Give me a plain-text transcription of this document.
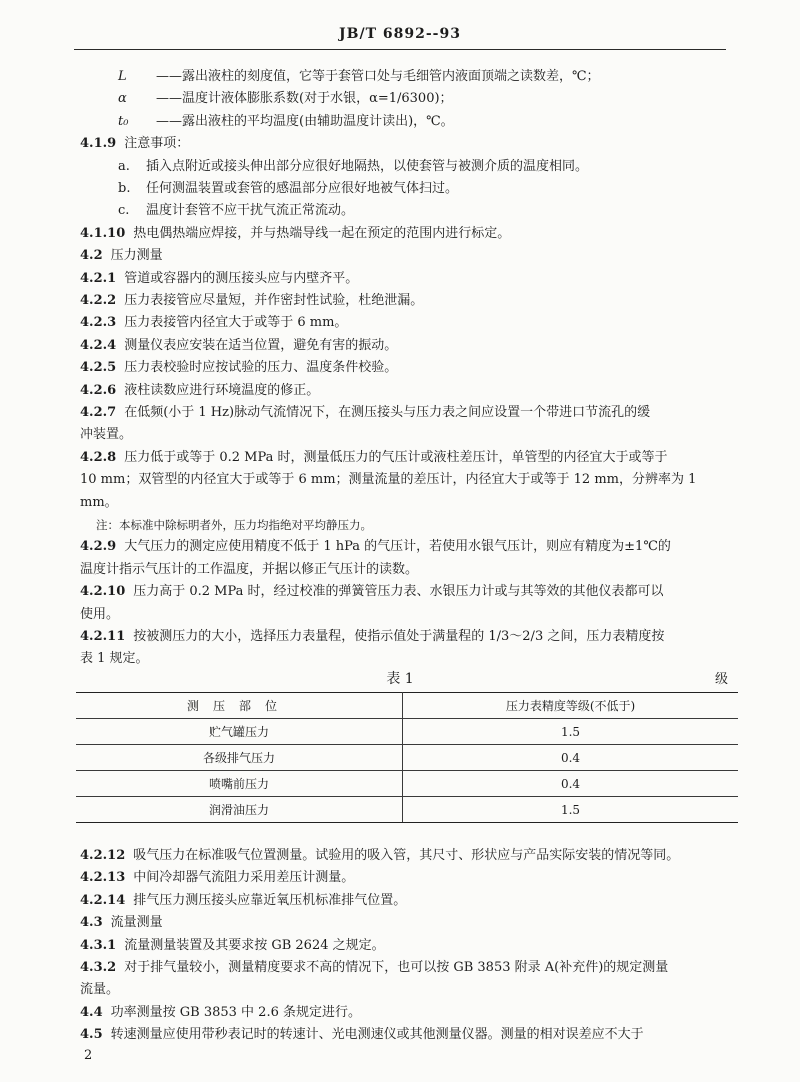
JB/T 6892--93
L ——露出液柱的刻度值，它等于套管口处与毛细管内液面顶端之读数差，℃；
α ——温度计液体膨胀系数(对于水银，α=1/6300)；
t₀ ——露出液柱的平均温度(由辅助温度计读出)，℃。
4.1.9 注意事项：
a. 插入点附近或接头伸出部分应很好地隔热，以使套管与被测介质的温度相同。
b. 任何测温装置或套管的感温部分应很好地被气体扫过。
c. 温度计套管不应干扰气流正常流动。
4.1.10 热电偶热端应焊接，并与热端导线一起在预定的范围内进行标定。
4.2 压力测量
4.2.1 管道或容器内的测压接头应与内壁齐平。
4.2.2 压力表接管应尽量短，并作密封性试验，杜绝泄漏。
4.2.3 压力表接管内径宜大于或等于 6 mm。
4.2.4 测量仪表应安装在适当位置，避免有害的振动。
4.2.5 压力表校验时应按试验的压力、温度条件校验。
4.2.6 液柱读数应进行环境温度的修正。
4.2.7 在低频(小于 1 Hz)脉动气流情况下，在测压接头与压力表之间应设置一个带进口节流孔的缓
冲装置。
4.2.8 压力低于或等于 0.2 MPa 时，测量低压力的气压计或液柱差压计，单管型的内径宜大于或等于
10 mm；双管型的内径宜大于或等于 6 mm；测量流量的差压计，内径宜大于或等于 12 mm，分辨率为 1
mm。
注：本标准中除标明者外，压力均指绝对平均静压力。
4.2.9 大气压力的测定应使用精度不低于 1 hPa 的气压计，若使用水银气压计，则应有精度为±1℃的
温度计指示气压计的工作温度，并据以修正气压计的读数。
4.2.10 压力高于 0.2 MPa 时，经过校准的弹簧管压力表、水银压力计或与其等效的其他仪表都可以
使用。
4.2.11 按被测压力的大小，选择压力表量程，使指示值处于满量程的 1/3～2/3 之间，压力表精度按
表 1 规定。
表 1	级
测压部位	压力表精度等级(不低于)
贮气罐压力	1.5
各级排气压力	0.4
喷嘴前压力	0.4
润滑油压力	1.5
4.2.12 吸气压力在标准吸气位置测量。试验用的吸入管，其尺寸、形状应与产品实际安装的情况等同。
4.2.13 中间冷却器气流阻力采用差压计测量。
4.2.14 排气压力测压接头应靠近氧压机标准排气位置。
4.3 流量测量
4.3.1 流量测量装置及其要求按 GB 2624 之规定。
4.3.2 对于排气量较小，测量精度要求不高的情况下，也可以按 GB 3853 附录 A(补充件)的规定测量
流量。
4.4 功率测量按 GB 3853 中 2.6 条规定进行。
4.5 转速测量应使用带秒表记时的转速计、光电测速仪或其他测量仪器。测量的相对误差应不大于
2
